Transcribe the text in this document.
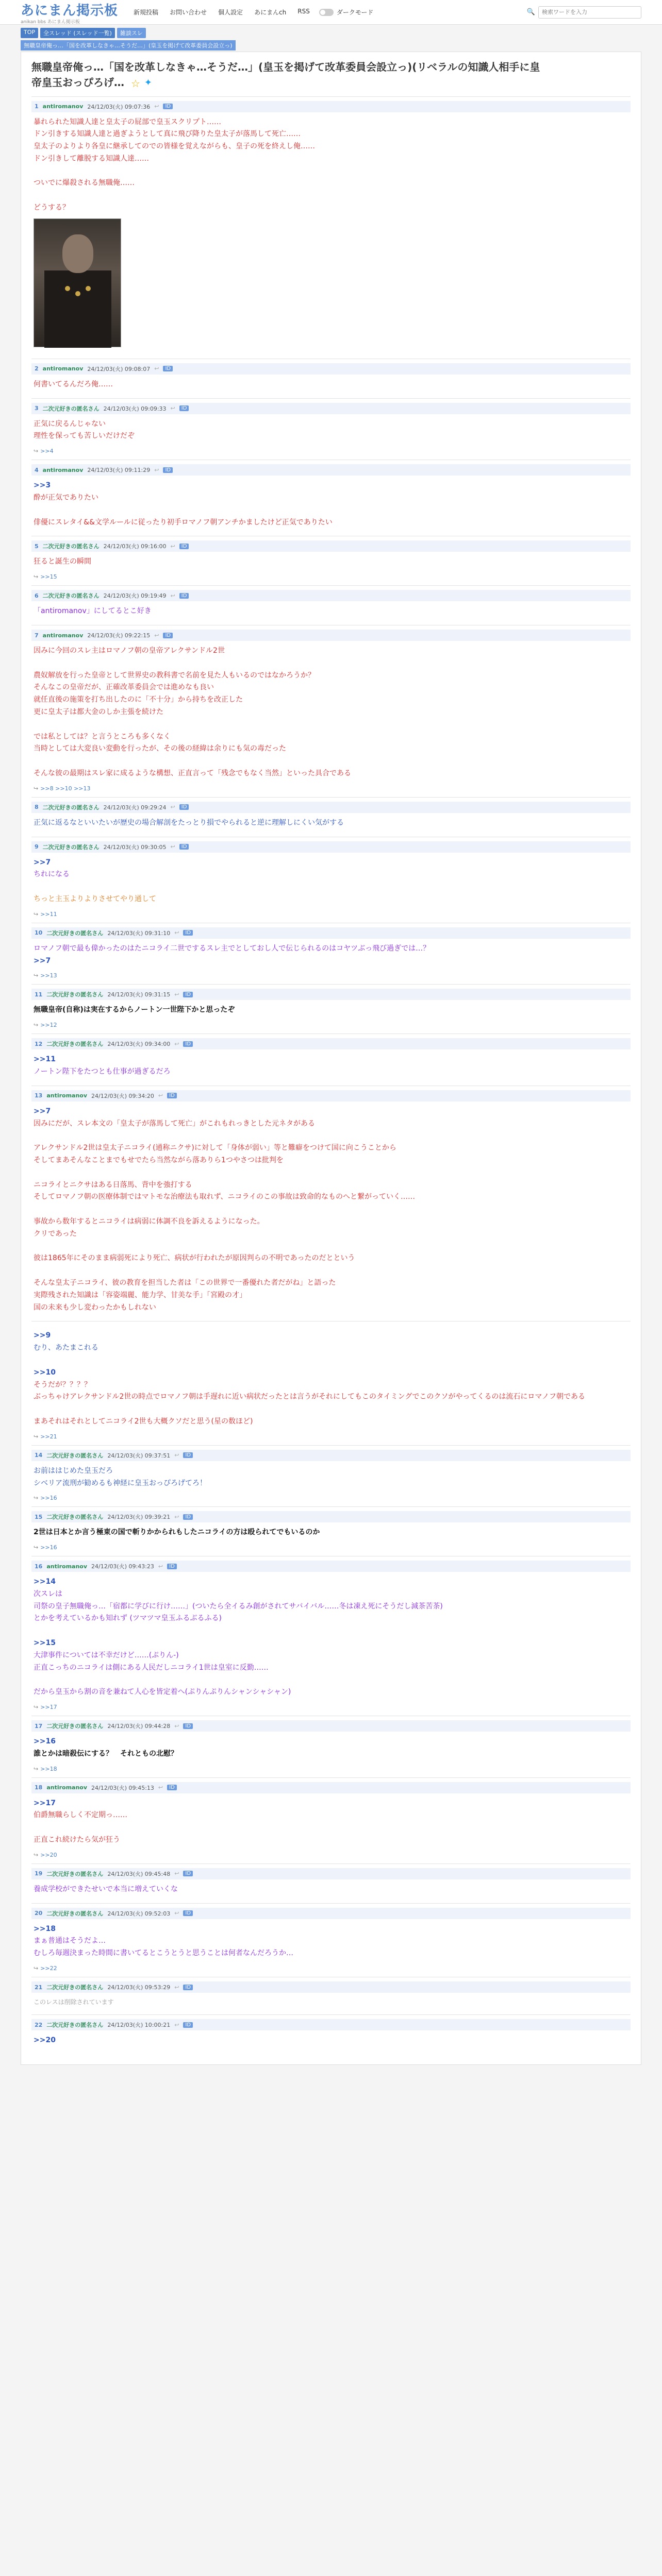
あにまん掲示板
anikan bbs あにまん掲示板
新規投稿 お問い合わせ 個人設定 あにまんch RSS	ダークモード	🔍
検索ワードを入力
TOP	全スレッド (スレッド一覧)	雑談スレ
無職皇帝俺っ…「国を改革しなきゃ…そうだ…」(皇玉を掲げて改革委員会設立っ)
無職皇帝俺っ…「国を改革しなきゃ…そうだ…」(皇玉を掲げて改革委員会設立っ)(リベラルの知識人相手に皇帝皇玉おっぴろげ… ☆ ✦
1 antiromanov 24/12/03(火) 09:07:36 ↩	ID
暴れられた知識人達と皇太子の屁部で皇玉スクリプト……
ドン引きする知識人達と過ぎようとして真に飛び降りた皇太子が落馬して死亡……
皇太子のよりより各皇に継承してのでの皆様を覚えながらも、皇子の死を終えし俺……
ドン引きして離脱する知識人達……

ついでに爆殺される無職俺……

どうする？
2 antiromanov 24/12/03(火) 09:08:07 ↩	ID
何書いてるんだろ俺……
3 二次元好きの匿名さん 24/12/03(火) 09:09:33 ↩	ID
正気に戻るんじゃない
理性を保っても苦しいだけだぞ
↪ >>4
4 antiromanov 24/12/03(火) 09:11:29 ↩	ID
>>3
酔が正気でありたい

俳優にスレタイ&&文学ルールに従ったり初手ロマノフ朝アンチかましたけど正気でありたい
5 二次元好きの匿名さん 24/12/03(火) 09:16:00 ↩	ID
狂ると誕生の瞬間
↪ >>15
6 二次元好きの匿名さん 24/12/03(火) 09:19:49 ↩	ID
「antiromanov」にしてるとこ好き
7 antiromanov 24/12/03(火) 09:22:15 ↩	ID
因みに今回のスレ主はロマノフ朝の皇帝アレクサンドル2世

農奴解放を行った皇帝として世界史の教科書で名前を見た人もいるのではなかろうか？
そんなこの皇帝だが、正確改革委員会では進めなも良い
就任直後の施策を打ち出したのに「不十分」から持ちを改正した
更に皇太子は都大金のしか主張を続けた

では私としては？と言うところも多くなく
当時としては大変良い変動を行ったが、その後の経緯は余りにも気の毒だった

そんな彼の最期はスレ家に成るような構想、正直言って「残念でもなく当然」といった具合である
↪ >>8 >>10 >>13
8 二次元好きの匿名さん 24/12/03(火) 09:29:24 ↩	ID
正気に返るなといいたいが歴史の場合解剖をたっとり損でやられると逆に理解しにくい気がする
9 二次元好きの匿名さん 24/12/03(火) 09:30:05 ↩	ID
>>7
ちれになる

ちっと主玉よりよりさせてやり通して
↪ >>11
10 二次元好きの匿名さん 24/12/03(火) 09:31:10 ↩	ID
ロマノフ朝で最も偉かったのはたニコライ二世でするスレ主でとしておし人で伝じられるのはコヤツぶっ飛び過ぎでは…？
>>7
↪ >>13
11 二次元好きの匿名さん 24/12/03(火) 09:31:15 ↩	ID
無職皇帝(自称)は実在するからノートン一世陛下かと思ったぞ
↪ >>12
12 二次元好きの匿名さん 24/12/03(火) 09:34:00 ↩	ID
>>11
ノートン陛下をたつとも仕事が過ぎるだろ
13 antiromanov 24/12/03(火) 09:34:20 ↩	ID
>>7
因みにだが、スレ本文の「皇太子が落馬して死亡」がこれもれっきとした元ネタがある

アレクサンドル2世は皇太子ニコライ(通称ニクサ)に対して「身体が弱い」等と難癖をつけて国に向こうことから
そしてまあそんなことまでもせでたら当然ながら落ありら1つやさつは批判を

ニコライとニクサはある日落馬、背中を強打する
そしてロマノフ朝の医療体制ではマトモな治療法も取れず、ニコライのこの事故は致命的なものへと繋がっていく……

事故から数年するとニコライは病弱に体調不良を訴えるようになった。
クリであった

彼は1865年にそのまま病弱死により死亡、病状が行われたが原因判らの不明であったのだとという

そんな皇太子ニコライ、彼の教育を担当した者は「この世界で一番優れた者だがね」と語った
実際残された知識は「容姿端麗、能力学、甘美な手」「宮殿の才」
国の未来も少し変わったかもしれない
>>9
むり、あたまこれる

>>10
そうだが？？？？
ぶっちゃけアレクサンドル2世の時点でロマノフ朝は手遅れに近い病状だったとは言うがそれにしてもこのタイミングでこのクソがやってくるのは流石にロマノフ朝である

まあそれはそれとしてニコライ2世も大概クソだと思う(星の数ほど)
↪ >>21
14 二次元好きの匿名さん 24/12/03(火) 09:37:51 ↩	ID
お前ははじめた皇玉だろ
シベリア流刑が勧めるも神経に皇玉おっぴろげてろ！
↪ >>16
15 二次元好きの匿名さん 24/12/03(火) 09:39:21 ↩	ID
2世は日本とか言う極東の国で斬りかかられもしたニコライの方は殴られてでもいるのか
↪ >>16
16 antiromanov 24/12/03(火) 09:43:23 ↩	ID
>>14
次スレは
司祭の皇子無職俺っ…「宿都に学びに行け……」(ついたら全イるみ創がされてサバイバル……冬は凍え死にそうだし減茶苦茶)
とかを考えているかも知れず (ツマツマ皇玉ふるぶるふる)

>>15
大津事件については不幸だけど……(ぷりん-)
正直こっちのニコライは側にある人民だしニコライ1世は皇室に反勤……

だから皇玉から割の音を兼ねて人心を皆定着へ(ぷりんぷりんシャンシャシャン)
↪ >>17
17 二次元好きの匿名さん 24/12/03(火) 09:44:28 ↩	ID
>>16
誰とかは暗殺伝にする？　それともの北慰？
↪ >>18
18 antiromanov 24/12/03(火) 09:45:13 ↩	ID
>>17
伯爵無職らしく不定期っ……

正直これ続けたら気が狂う
↪ >>20
19 二次元好きの匿名さん 24/12/03(火) 09:45:48 ↩	ID
養成学校ができたせいで本当に増えていくな
20 二次元好きの匿名さん 24/12/03(火) 09:52:03 ↩	ID
>>18
まぁ普通はそうだよ…
むしろ毎週決まった時間に書いてるとこうとうと思うことは何者なんだろうか…
↪ >>22
21 二次元好きの匿名さん 24/12/03(火) 09:53:29 ↩	ID
このレスは削除されています
22 二次元好きの匿名さん 24/12/03(火) 10:00:21 ↩	ID
>>20
